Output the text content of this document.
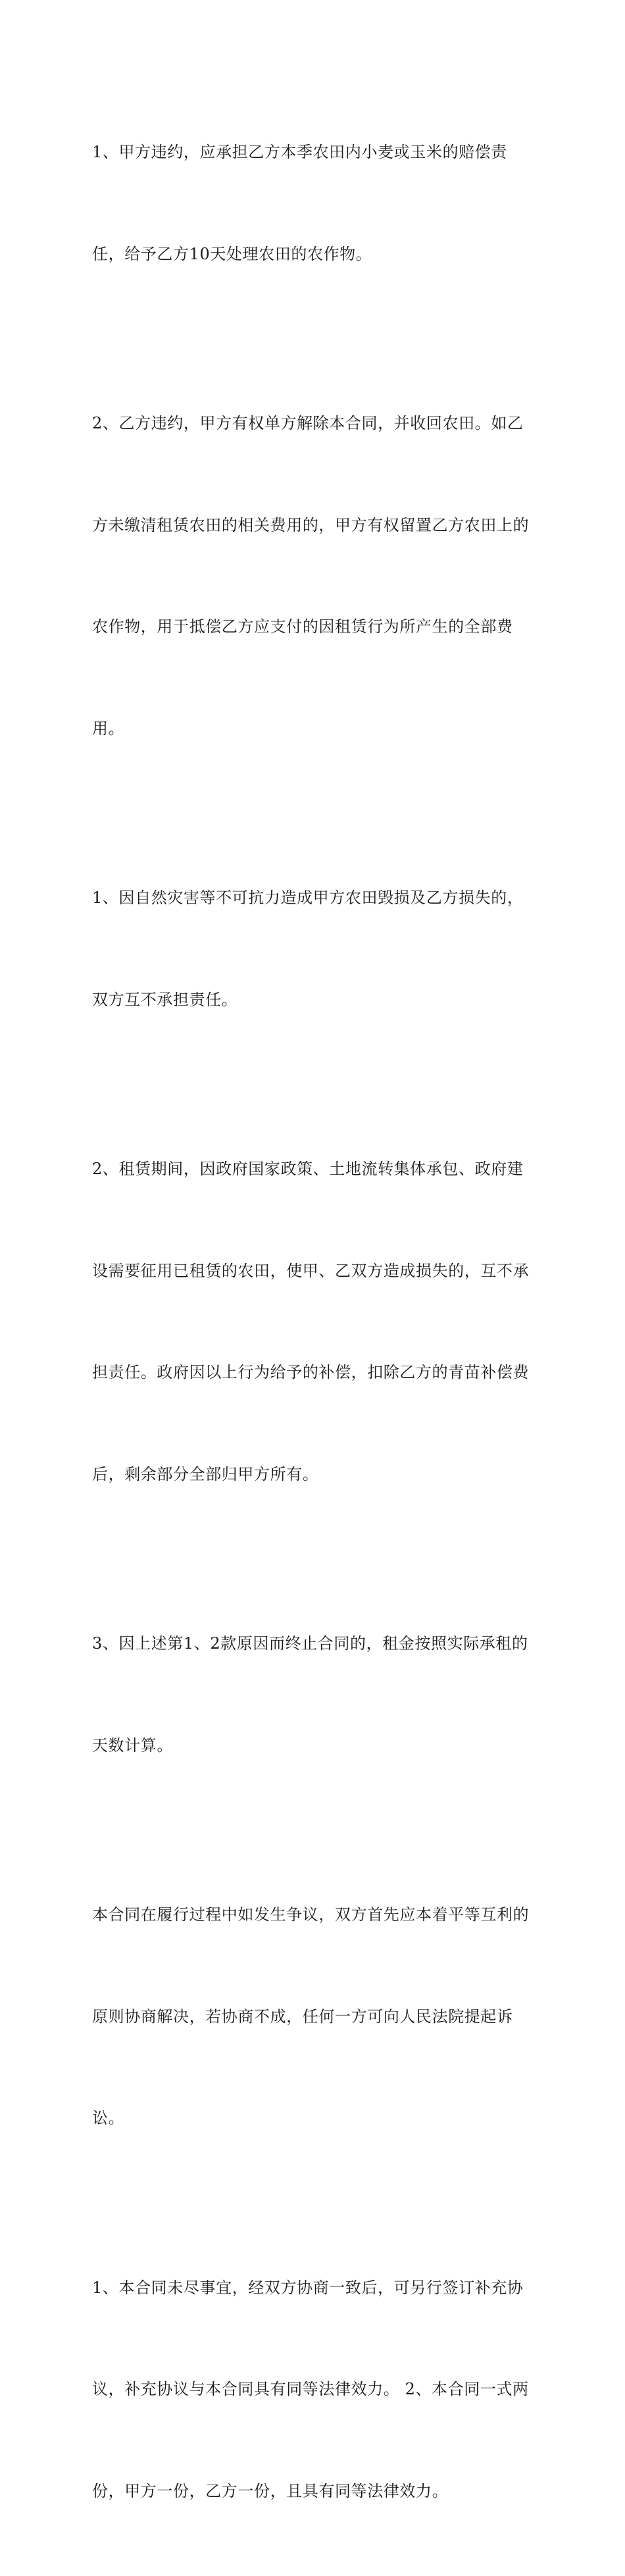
1、甲方违约，应承担乙方本季农田内小麦或玉米的赔偿责

任，给予乙方10天处理农田的农作物。

2、乙方违约，甲方有权单方解除本合同，并收回农田。如乙

方未缴清租赁农田的相关费用的，甲方有权留置乙方农田上的

农作物，用于抵偿乙方应支付的因租赁行为所产生的全部费

用。

1、因自然灾害等不可抗力造成甲方农田毁损及乙方损失的，

双方互不承担责任。

2、租赁期间，因政府国家政策、土地流转集体承包、政府建

设需要征用已租赁的农田，使甲、乙双方造成损失的，互不承

担责任。政府因以上行为给予的补偿，扣除乙方的青苗补偿费

后，剩余部分全部归甲方所有。

3、因上述第1、2款原因而终止合同的，租金按照实际承租的

天数计算。

本合同在履行过程中如发生争议，双方首先应本着平等互利的

原则协商解决，若协商不成，任何一方可向人民法院提起诉

讼。

1、本合同未尽事宜，经双方协商一致后，可另行签订补充协

议，补充协议与本合同具有同等法律效力。 2、本合同一式两

份，甲方一份，乙方一份，且具有同等法律效力。
